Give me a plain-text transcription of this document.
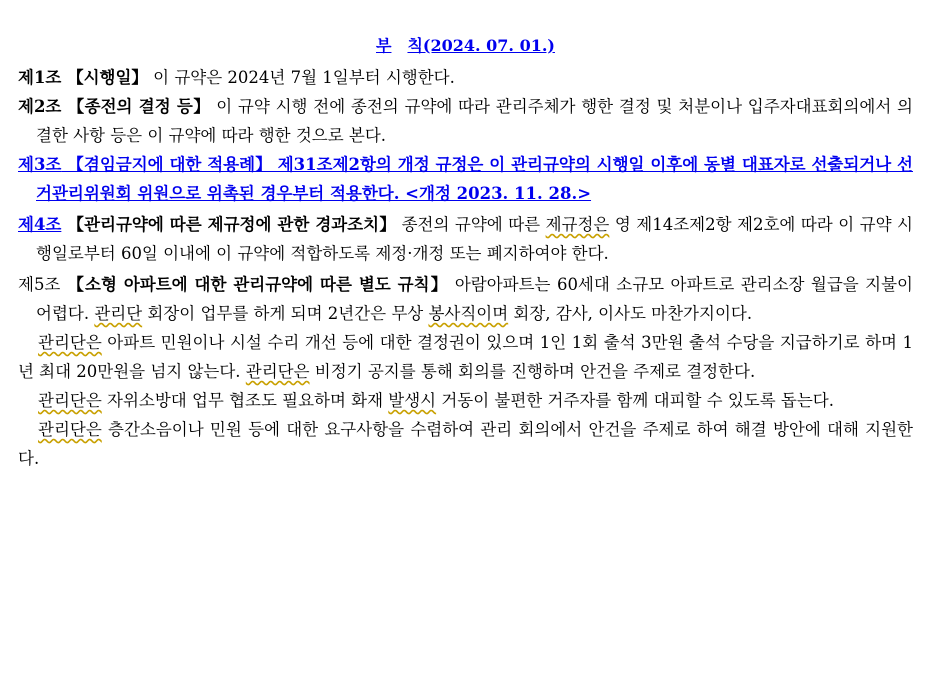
부 칙(2024. 07. 01.)

제1조 【시행일】 이 규약은 2024년 7월 1일부터 시행한다.

제2조 【종전의 결정 등】 이 규약 시행 전에 종전의 규약에 따라 관리주체가 행한 결정 및 처분이나 입주자대표회의에서 의결한 사항 등은 이 규약에 따라 행한 것으로 본다.

제3조 【겸임금지에 대한 적용례】 제31조제2항의 개정 규정은 이 관리규약의 시행일 이후에 동별 대표자로 선출되거나 선거관리위원회 위원으로 위촉된 경우부터 적용한다. <개정 2023. 11. 28.>

제4조 【관리규약에 따른 제규정에 관한 경과조치】 종전의 규약에 따른 제규정은 영 제14조제2항 제2호에 따라 이 규약 시행일로부터 60일 이내에 이 규약에 적합하도록 제정·개정 또는 폐지하여야 한다.

제5조 【소형 아파트에 대한 관리규약에 따른 별도 규칙】 아람아파트는 60세대 소규모 아파트로 관리소장 월급을 지불이 어렵다. 관리단 회장이 업무를 하게 되며 2년간은 무상 봉사직이며 회장, 감사, 이사도 마찬가지이다.

관리단은 아파트 민원이나 시설 수리 개선 등에 대한 결정권이 있으며 1인 1회 출석 3만원 출석 수당을 지급하기로 하며 1년 최대 20만원을 넘지 않는다. 관리단은 비정기 공지를 통해 회의를 진행하며 안건을 주제로 결정한다.

관리단은 자위소방대 업무 협조도 필요하며 화재 발생시 거동이 불편한 거주자를 함께 대피할 수 있도록 돕는다.

관리단은 층간소음이나 민원 등에 대한 요구사항을 수렴하여 관리 회의에서 안건을 주제로 하여 해결 방안에 대해 지원한다.
